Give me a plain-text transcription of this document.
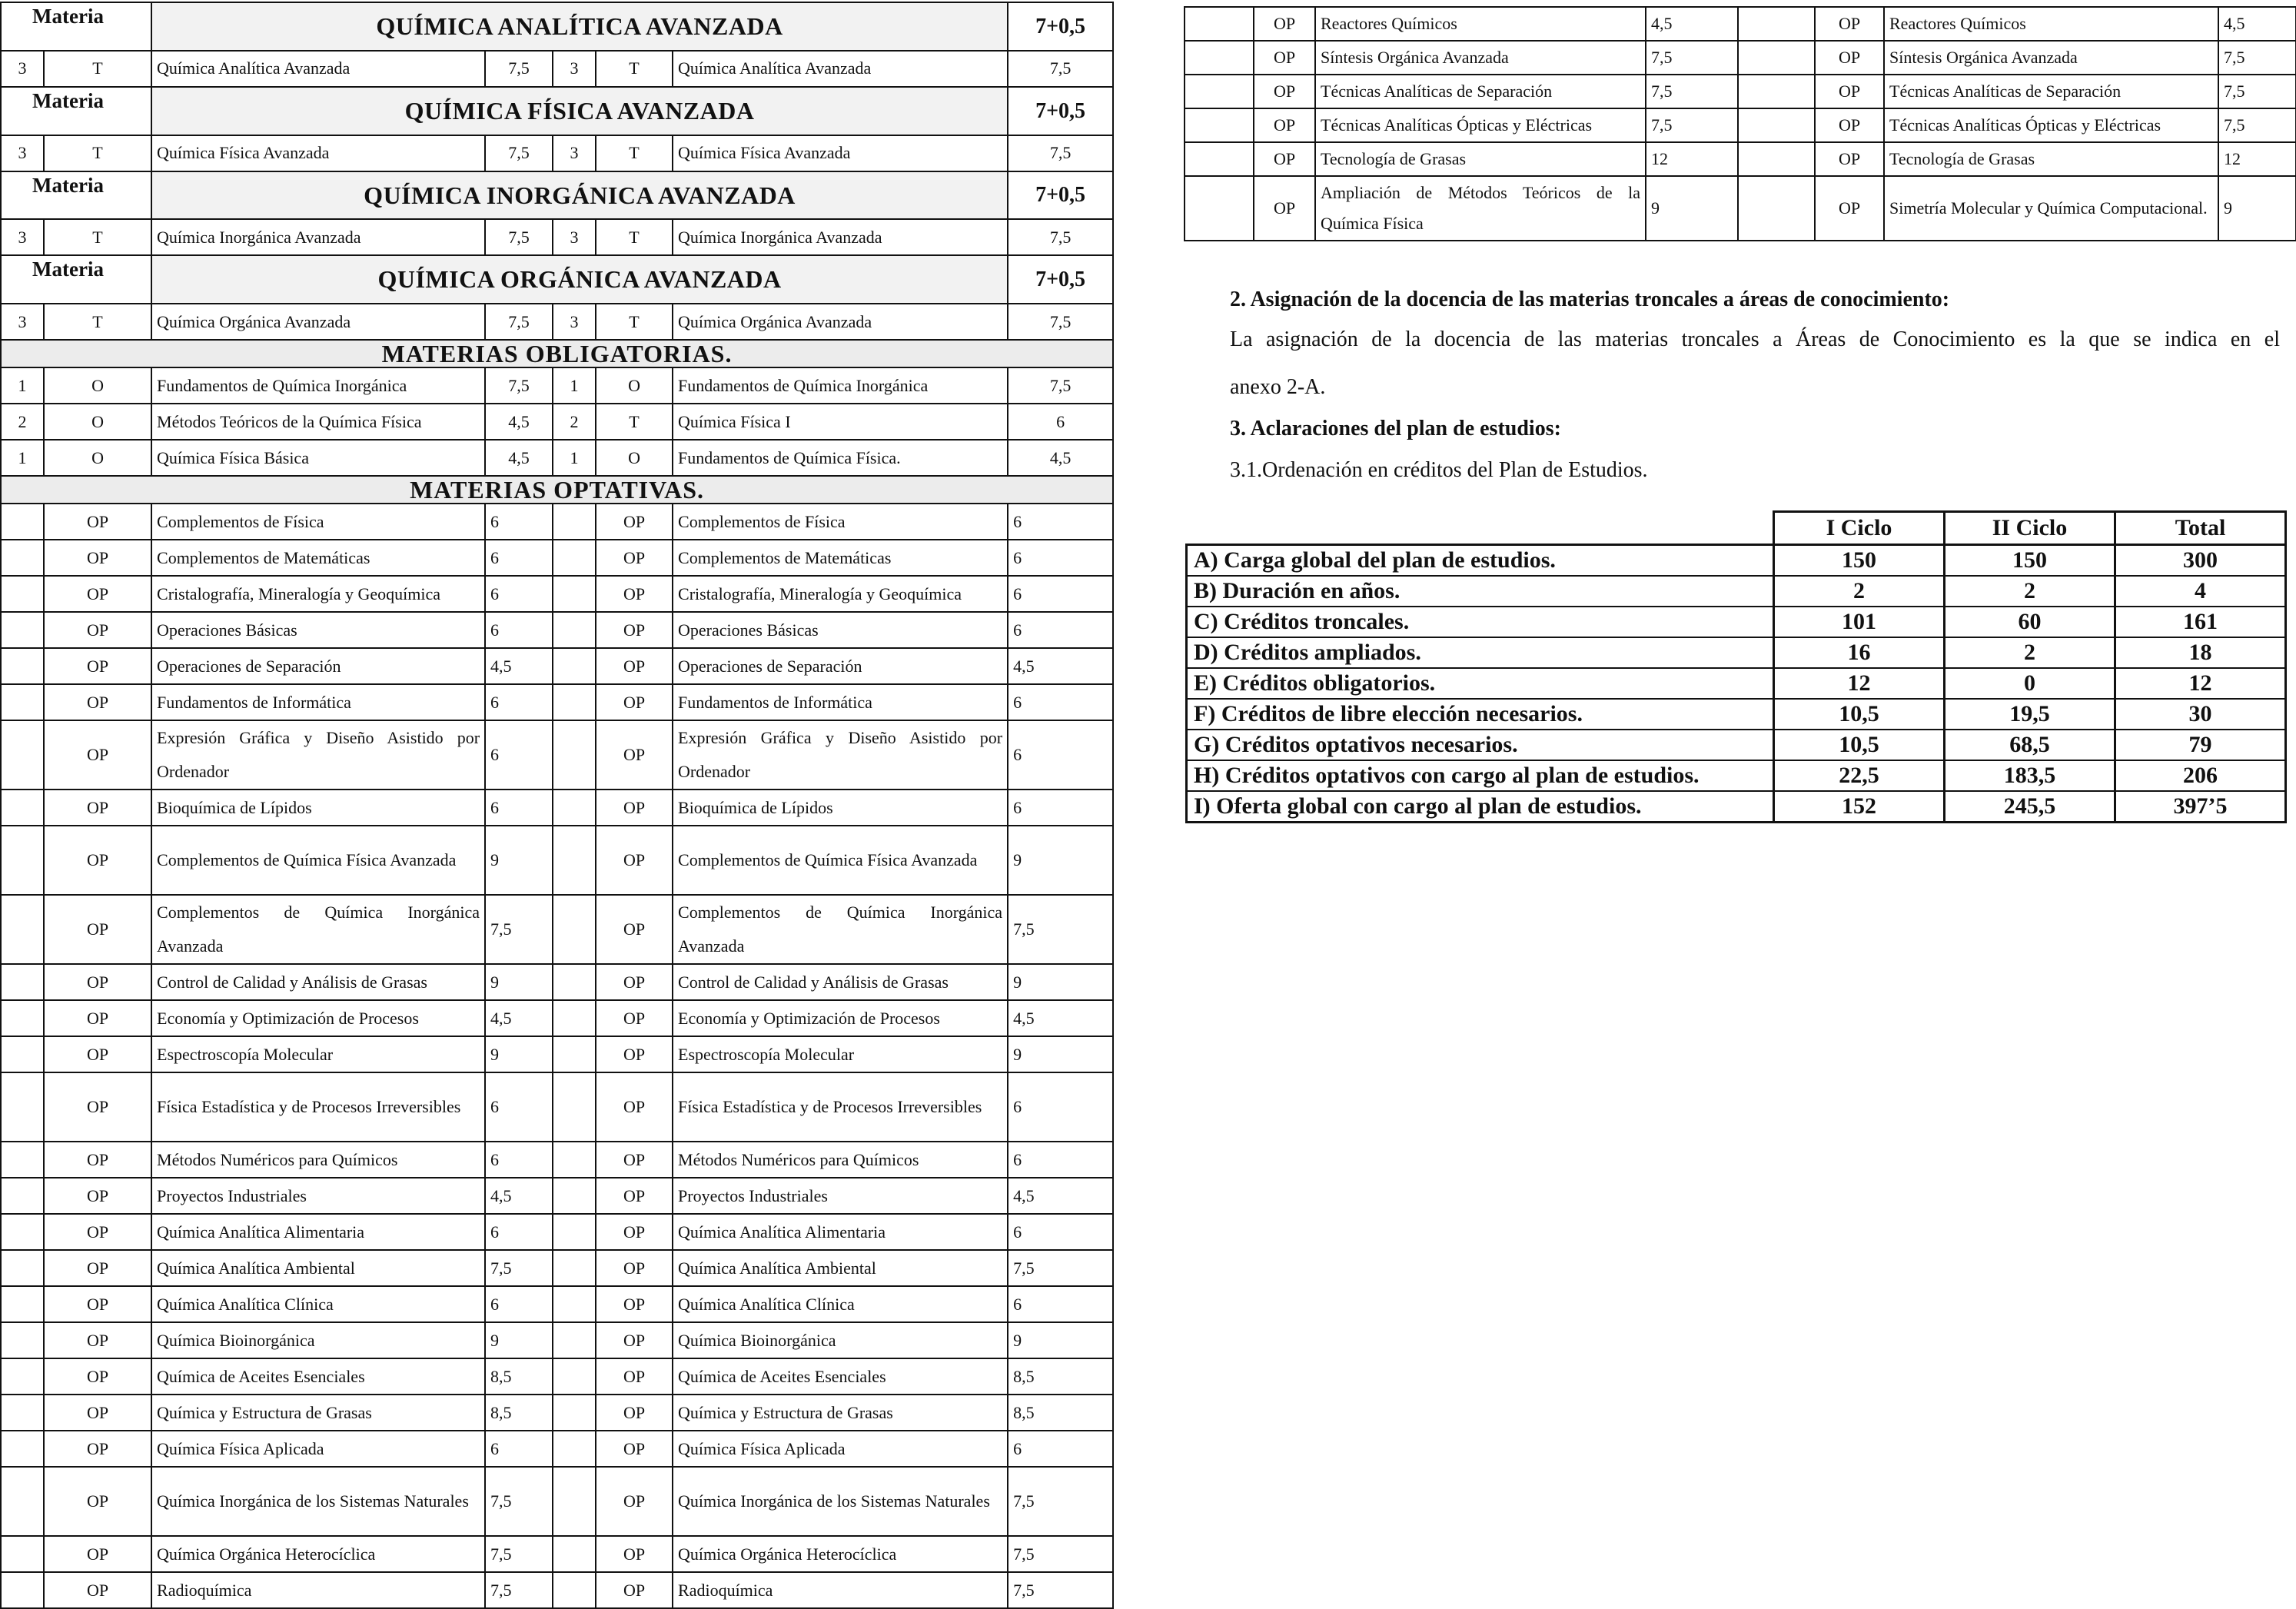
Materia		QUÍMICA ANALÍTICA AVANZADA					7+0,5
3	T	Química Analítica Avanzada	7,5	3	T	Química Analítica Avanzada	7,5
Materia		QUÍMICA FÍSICA AVANZADA					7+0,5
3	T	Química Física Avanzada	7,5	3	T	Química Física Avanzada	7,5
Materia		QUÍMICA INORGÁNICA AVANZADA					7+0,5
3	T	Química Inorgánica Avanzada	7,5	3	T	Química Inorgánica Avanzada	7,5
Materia		QUÍMICA ORGÁNICA AVANZADA					7+0,5
3	T	Química Orgánica Avanzada	7,5	3	T	Química Orgánica Avanzada	7,5
MATERIAS OBLIGATORIAS.							
1	O	Fundamentos de Química Inorgánica	7,5	1	O	Fundamentos de Química Inorgánica	7,5
2	O	Métodos Teóricos de la Química Física	4,5	2	T	Química Física I	6
1	O	Química Física Básica	4,5	1	O	Fundamentos de Química Física.	4,5
MATERIAS OPTATIVAS.							
	OP	Complementos de Física	6		OP	Complementos de Física	6
	OP	Complementos de Matemáticas	6		OP	Complementos de Matemáticas	6
	OP	Cristalografía, Mineralogía y Geoquímica	6		OP	Cristalografía, Mineralogía y Geoquímica	6
	OP	Operaciones Básicas	6		OP	Operaciones Básicas	6
	OP	Operaciones de Separación	4,5		OP	Operaciones de Separación	4,5
	OP	Fundamentos de Informática	6		OP	Fundamentos de Informática	6
	OP	Expresión Gráfica y Diseño Asistido por Ordenador	6		OP	Expresión Gráfica y Diseño Asistido por Ordenador	6
	OP	Bioquímica de Lípidos	6		OP	Bioquímica de Lípidos	6
	OP	Complementos de Química Física Avanzada	9		OP	Complementos de Química Física Avanzada	9
	OP	Complementos de Química Inorgánica Avanzada	7,5		OP	Complementos de Química Inorgánica Avanzada	7,5
	OP	Control de Calidad y Análisis de Grasas	9		OP	Control de Calidad y Análisis de Grasas	9
	OP	Economía y Optimización de Procesos	4,5		OP	Economía y Optimización de Procesos	4,5
	OP	Espectroscopía Molecular	9		OP	Espectroscopía Molecular	9
	OP	Física Estadística y de Procesos Irreversibles	6		OP	Física Estadística y de Procesos Irreversibles	6
	OP	Métodos Numéricos para Químicos	6		OP	Métodos Numéricos para Químicos	6
	OP	Proyectos Industriales	4,5		OP	Proyectos Industriales	4,5
	OP	Química Analítica Alimentaria	6		OP	Química Analítica Alimentaria	6
	OP	Química Analítica Ambiental	7,5		OP	Química Analítica Ambiental	7,5
	OP	Química Analítica Clínica	6		OP	Química Analítica Clínica	6
	OP	Química Bioinorgánica	9		OP	Química Bioinorgánica	9
	OP	Química de Aceites Esenciales	8,5		OP	Química de Aceites Esenciales	8,5
	OP	Química y Estructura de Grasas	8,5		OP	Química y Estructura de Grasas	8,5
	OP	Química Física Aplicada	6		OP	Química Física Aplicada	6
	OP	Química Inorgánica de los Sistemas Naturales	7,5		OP	Química Inorgánica de los Sistemas Naturales	7,5
	OP	Química Orgánica Heterocíclica	7,5		OP	Química Orgánica Heterocíclica	7,5
	OP	Radioquímica	7,5		OP	Radioquímica	7,5
	OP	Reactores Químicos	4,5		OP	Reactores Químicos	4,5
	OP	Síntesis Orgánica Avanzada	7,5		OP	Síntesis Orgánica Avanzada	7,5
	OP	Técnicas Analíticas de Separación	7,5		OP	Técnicas Analíticas de Separación	7,5
	OP	Técnicas Analíticas Ópticas y Eléctricas	7,5		OP	Técnicas Analíticas Ópticas y Eléctricas	7,5
	OP	Tecnología de Grasas	12		OP	Tecnología de Grasas	12
	OP	Ampliación de Métodos Teóricos de la Química Física	9		OP	Simetría Molecular y Química Computacional.	9
2. Asignación de la docencia de las materias troncales a áreas de conocimiento:
La asignación de la docencia de las materias troncales a Áreas de Conocimiento es la que se indica en el
anexo 2-A.
3. Aclaraciones del plan de estudios:
3.1.Ordenación en créditos del Plan de Estudios.
	I Ciclo	II Ciclo	Total
A) Carga global del plan de estudios.	150	150	300
B) Duración en años.	2	2	4
C) Créditos troncales.	101	60	161
D) Créditos ampliados.	16	2	18
E) Créditos obligatorios.	12	0	12
F) Créditos de libre elección necesarios.	10,5	19,5	30
G) Créditos optativos necesarios.	10,5	68,5	79
H) Créditos optativos con cargo al plan de estudios.	22,5	183,5	206
I) Oferta global con cargo al plan de estudios.	152	245,5	397’5
